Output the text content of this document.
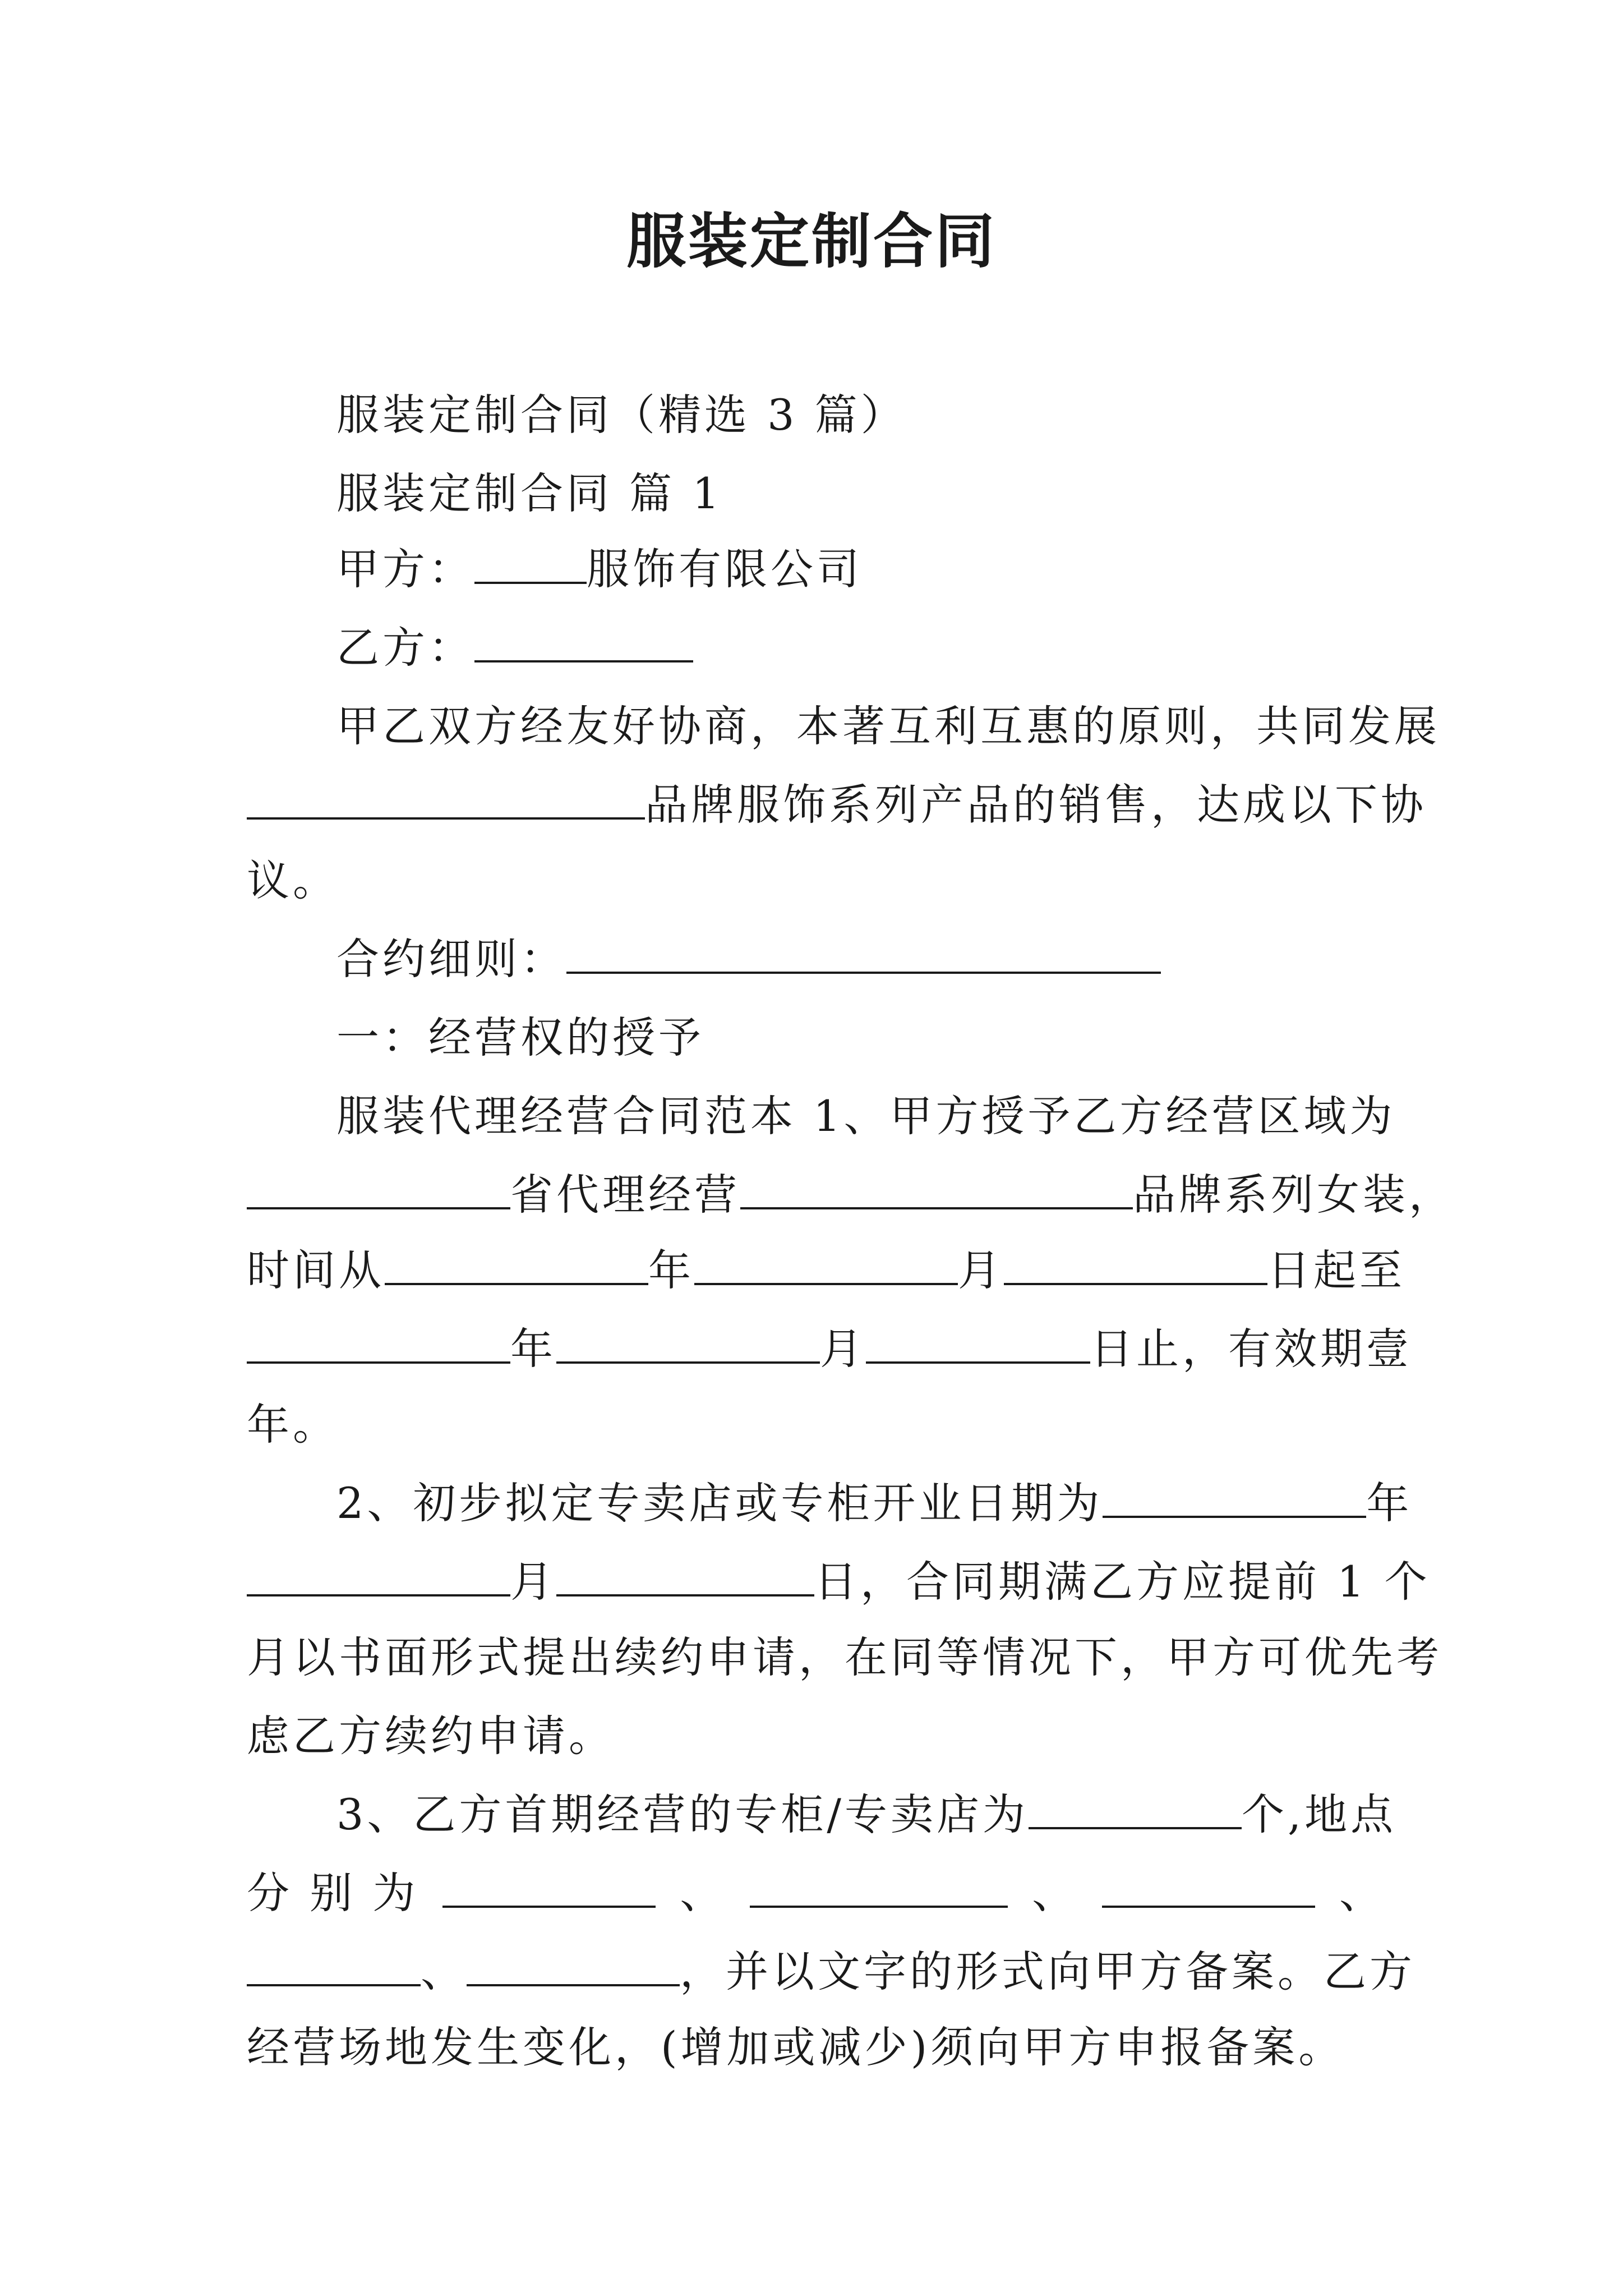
服装定制合同
服装定制合同（精选 3 篇）
服装定制合同 篇 1
甲方：	服饰有限公司
乙方：
甲乙双方经友好协商，本著互利互惠的原则，共同发展
品牌服饰系列产品的销售，达成以下协
议。
合约细则：
一：经营权的授予
服装代理经营合同范本 1、甲方授予乙方经营区域为
省代理经营	品牌系列女装，
时间从	年	月	日起至
年	月	日止，有效期壹
年。
2、初步拟定专卖店或专柜开业日期为	年
月	日，合同期满乙方应提前 1 个
月以书面形式提出续约申请，在同等情况下，甲方可优先考
虑乙方续约申请。
3、乙方首期经营的专柜/专卖店为	个,地点
分 别 为	、	、	、
、	，并以文字的形式向甲方备案。乙方
经营场地发生变化，(增加或减少)须向甲方申报备案。
